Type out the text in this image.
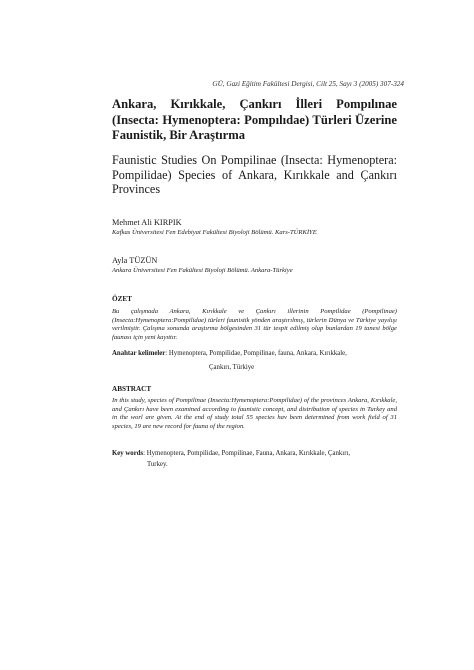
GÜ, Gazi Eğitim Fakültesi Dergisi, Cilt 25, Sayı 3 (2005) 307-324
Ankara, Kırıkkale, Çankırı İlleri Pompılınae (Insecta: Hymenoptera: Pompılıdae) Türleri Üzerine Faunistik, Bir Araştırma
Faunistic Studies On Pompilinae (Insecta: Hymenoptera: Pompilidae) Species of Ankara, Kırıkkale and Çankırı Provinces
Mehmet Ali KIRPIK
Kafkas Üniversitesi Fen Edebiyat Fakültesi Biyoloji Bölümü. Kars-TÜRKİYE
Ayla TÜZÜN
Ankara Üniversitesi Fen Fakültesi Biyoloji Bölümü. Ankara-Türkiye
ÖZET
Bu çalışmada Ankara, Kırıkkale ve Çankırı illerinin Pompilidae (Pompilinae) (Insecta:Hymenoptera:Pompilidae) türleri faunistik yönden araştırılmış, türlerin Dünya ve Türkiye yayılışı verilmiştir. Çalışma sonunda araştırma bölgesinden 31 tür tespit edilmiş olup bunlardan 19 tanesi bölge faunası için yeni kayıttır.
Anahtar kelimeler: Hymenoptera, Pompilidae, Pompilinae, fauna, Ankara, Kırıkkale,
Çankırı, Türkiye
ABSTRACT
In this study, species of Pompilinae (Insecta:Hymenoptera:Pompilidae) of the provinces Ankara, Kırıkkale, and Çankırı have been examined according to faunistic concept, and distribution of species in Turkey and in the worl are given. At the end of study total 55 species hav been determined from work field of 31 species, 19 are new record for fauna of the region.
Key words: Hymenoptera, Pompilidae, Pompilinae, Fauna, Ankara, Kırıkkale, Çankırı,
Turkey.
